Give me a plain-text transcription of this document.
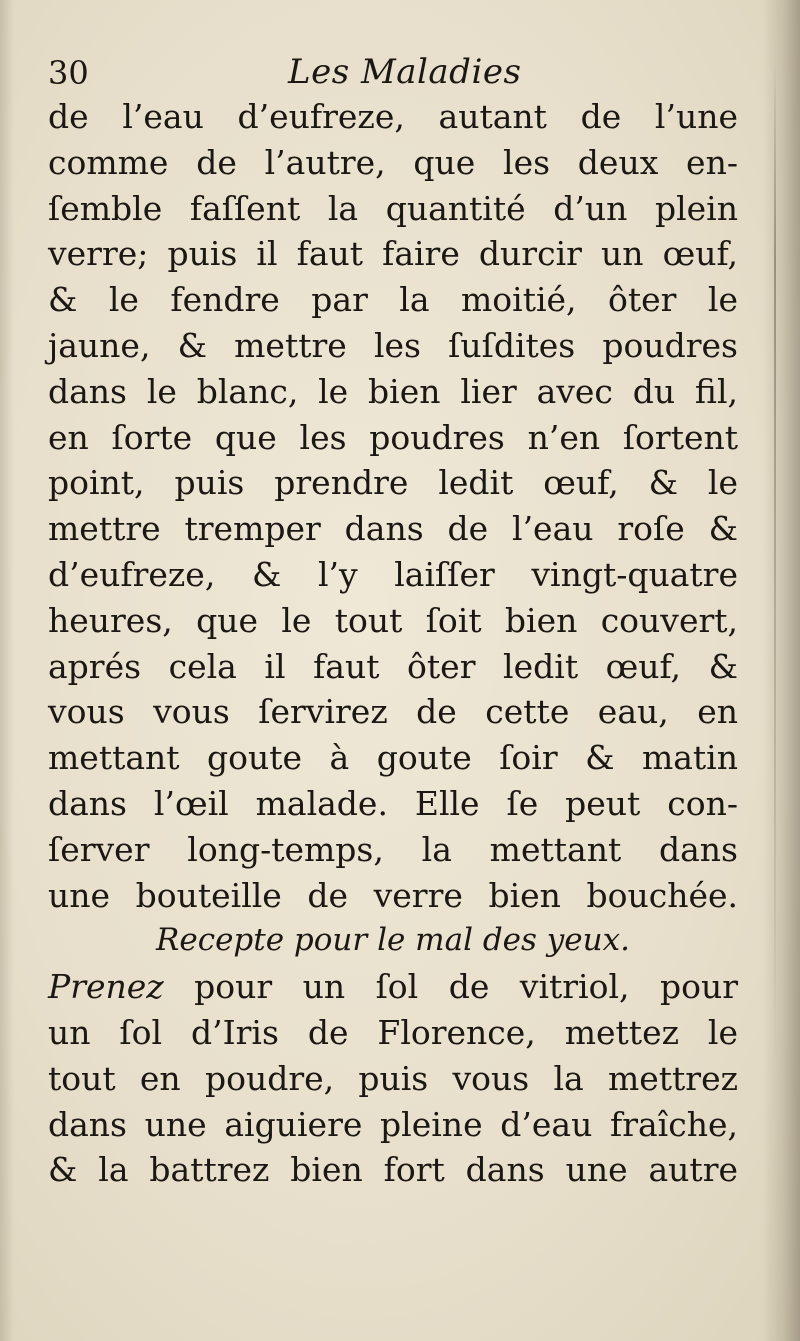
30	Les Maladies
de l’eau d’eufreze, autant de l’une
comme de l’autre, que les deux en-
ſemble faſſent la quantité d’un plein
verre; puis il faut faire durcir un œuf,
& le fendre par la moitié, ôter le
jaune, & mettre les ſuſdites poudres
dans le blanc, le bien lier avec du fil,
en ſorte que les poudres n’en ſortent
point, puis prendre ledit œuf, & le
mettre tremper dans de l’eau roſe &
d’eufreze, & l’y laiſſer vingt-quatre
heures, que le tout ſoit bien couvert,
aprés cela il faut ôter ledit œuf, &
vous vous ſervirez de cette eau, en
mettant goute à goute ſoir & matin
dans l’œil malade. Elle ſe peut con-
ſerver long-temps, la mettant dans
une bouteille de verre bien bouchée.
Recepte pour le mal des yeux.
Prenez pour un ſol de vitriol, pour
un ſol d’Iris de Florence, mettez le
tout en poudre, puis vous la mettrez
dans une aiguiere pleine d’eau fraîche,
& la battrez bien fort dans une autre
